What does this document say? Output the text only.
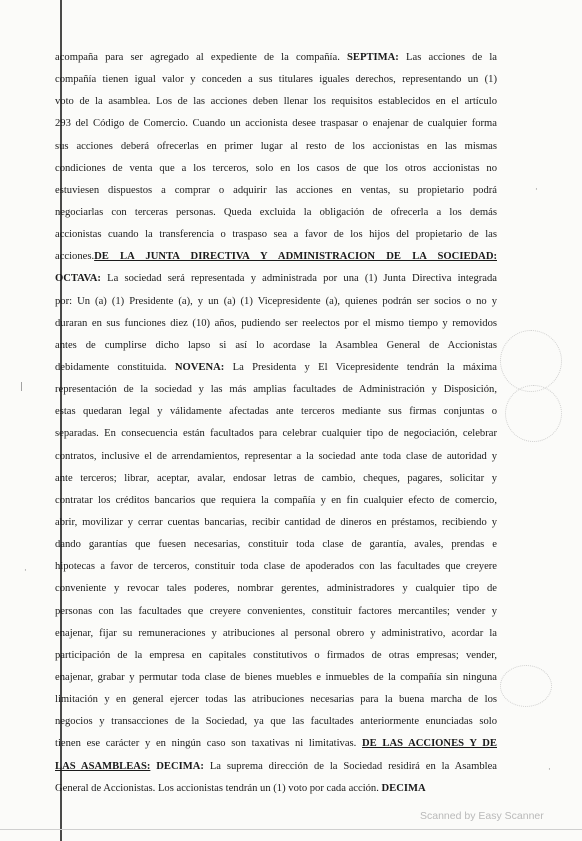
acompaña para ser agregado al expediente de la compañía. SEPTIMA: Las acciones de la
compañía tienen igual valor y conceden a sus titulares iguales derechos, representando un (1)
voto de la asamblea. Los de las acciones deben llenar los requisitos establecidos en el artículo
293 del Código de Comercio. Cuando un accionista desee traspasar o enajenar de cualquier forma
sus acciones deberá ofrecerlas en primer lugar al resto de los accionistas en las mismas
condiciones de venta que a los terceros, solo en los casos de que los otros accionistas no
estuviesen dispuestos a comprar o adquirir las acciones en ventas, su propietario podrá
negociarlas con terceras personas. Queda excluida la obligación de ofrecerla a los demás
accionistas cuando la transferencia o traspaso sea a favor de los hijos del propietario de las
acciones.DE LA JUNTA DIRECTIVA Y ADMINISTRACION DE LA SOCIEDAD:
OCTAVA: La sociedad será representada y administrada por una (1) Junta Directiva integrada
por: Un (a) (1) Presidente (a), y un (a) (1) Vicepresidente (a), quienes podrán ser socios o no y
duraran en sus funciones diez (10) años, pudiendo ser reelectos por el mismo tiempo y removidos
antes de cumplirse dicho lapso si así lo acordase la Asamblea General de Accionistas
debidamente constituida. NOVENA: La Presidenta y El Vicepresidente tendrán la máxima
representación de la sociedad y las más amplias facultades de Administración y Disposición,
estas quedaran legal y válidamente afectadas ante terceros mediante sus firmas conjuntas o
separadas. En consecuencia están facultados para celebrar cualquier tipo de negociación, celebrar
contratos, inclusive el de arrendamientos, representar a la sociedad ante toda clase de autoridad y
ante terceros; librar, aceptar, avalar, endosar letras de cambio, cheques, pagares, solicitar y
contratar los créditos bancarios que requiera la compañía y en fin cualquier efecto de comercio,
abrir, movilizar y cerrar cuentas bancarias, recibir cantidad de dineros en préstamos, recibiendo y
dando garantías que fuesen necesarias, constituir toda clase de garantía, avales, prendas e
hipotecas a favor de terceros, constituir toda clase de apoderados con las facultades que creyere
conveniente y revocar tales poderes, nombrar gerentes, administradores y cualquier tipo de
personas con las facultades que creyere convenientes, constituir factores mercantiles; vender y
enajenar, fijar su remuneraciones y atribuciones al personal obrero y administrativo, acordar la
participación de la empresa en capitales constitutivos o firmados de otras empresas; vender,
enajenar, grabar y permutar toda clase de bienes muebles e inmuebles de la compañía sin ninguna
limitación y en general ejercer todas las atribuciones necesarias para la buena marcha de los
negocios y transacciones de la Sociedad, ya que las facultades anteriormente enunciadas solo
tienen ese carácter y en ningún caso son taxativas ni limitativas. DE LAS ACCIONES Y DE
LAS ASAMBLEAS: DECIMA: La suprema dirección de la Sociedad residirá en la Asamblea
General de Accionistas. Los accionistas tendrán un (1) voto por cada acción. DECIMA
·
|
·
·
Scanned by Easy Scanner
